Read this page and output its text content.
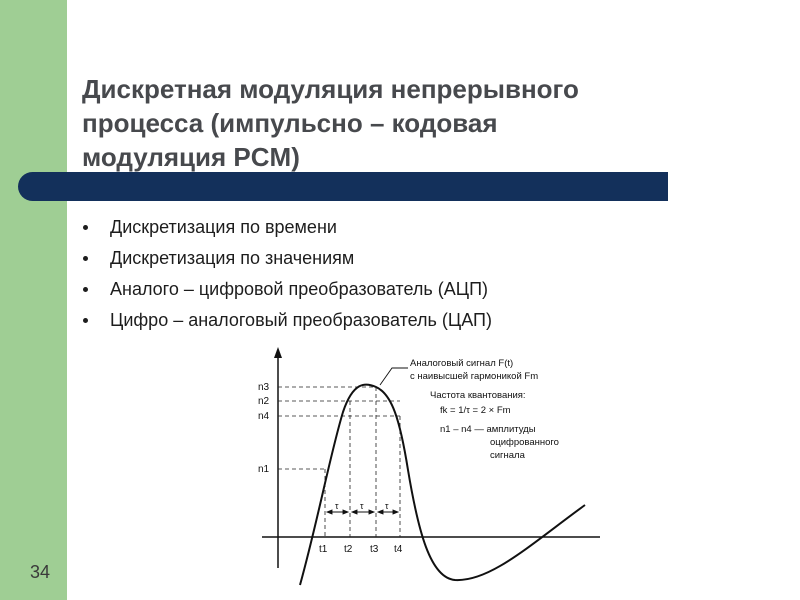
Дискретная модуляция непрерывного
процесса (импульсно – кодовая
модуляция PCM)
Дискретизация по времени
Дискретизация по значениям
Аналого – цифровой преобразователь (АЦП)
Цифро – аналоговый преобразователь (ЦАП)
τ τ τ
n3
n2
n4
n1
t1 t2 t3 t4
Аналоговый сигнал F(t)
с наивысшей гармоникой Fm
Частота квантования:
fk = 1/τ = 2 × Fm
n1 – n4 — амплитуды
оцифрованного
сигнала
34
